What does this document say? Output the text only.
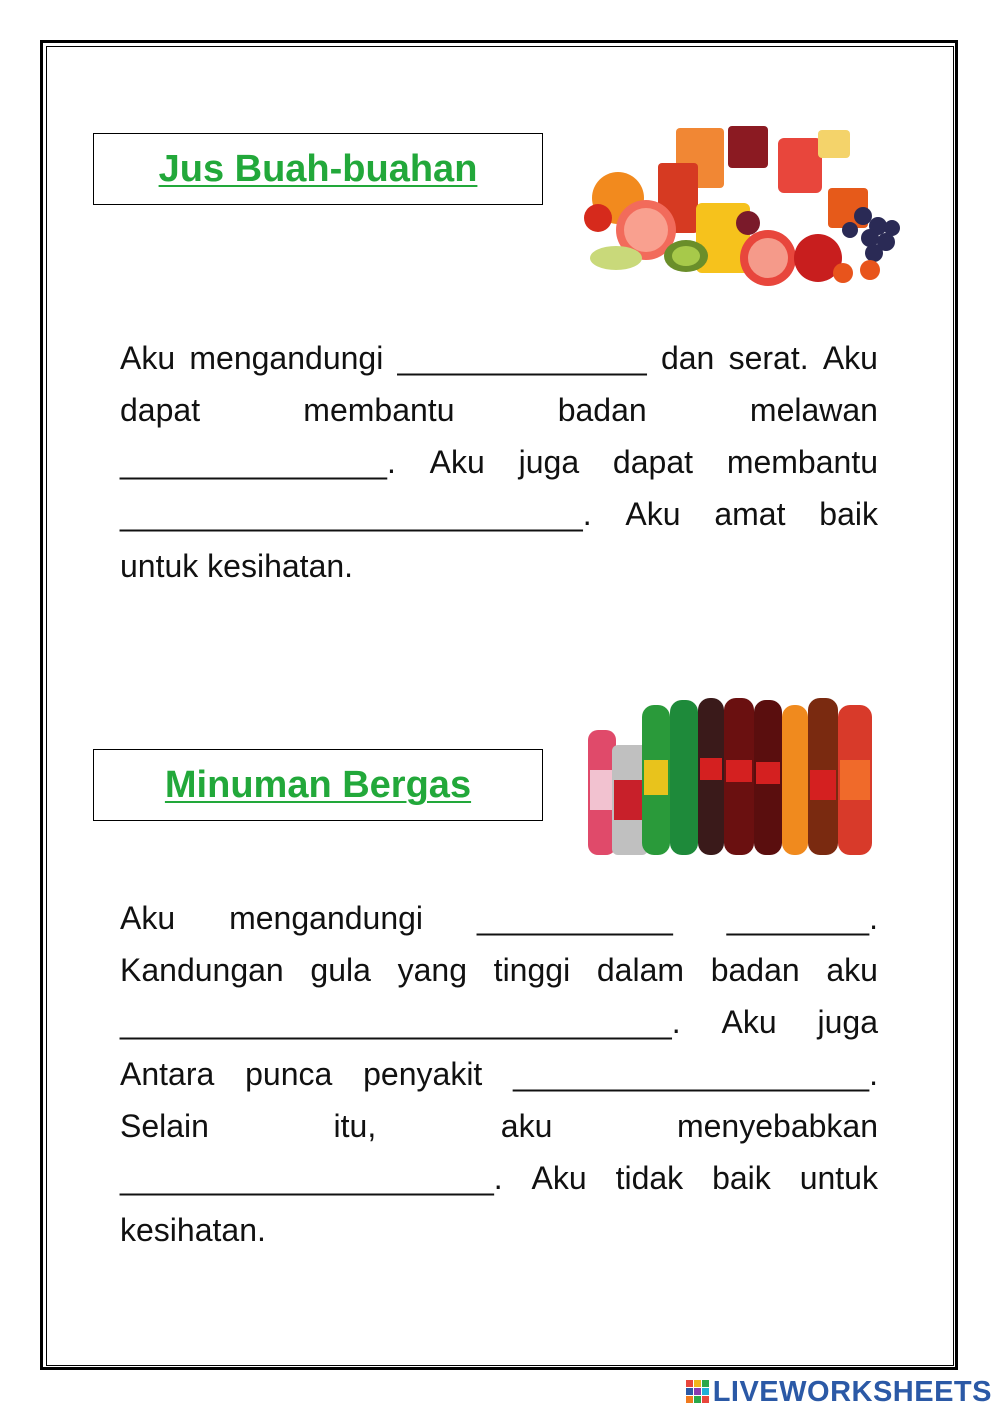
Jus Buah-buahan
Aku mengandungi ______________ dan serat. Aku
dapat	membantu	badan	melawan
_______________. Aku juga dapat membantu
__________________________. Aku amat baik
untuk kesihatan.
Minuman Bergas
Aku mengandungi ___________ ________.
Kandungan gula yang tinggi dalam badan aku
_______________________________. Aku juga
Antara punca penyakit ____________________.
Selain	itu,	aku	menyebabkan
_____________________. Aku tidak baik untuk
kesihatan.
LIVEWORKSHEETS
